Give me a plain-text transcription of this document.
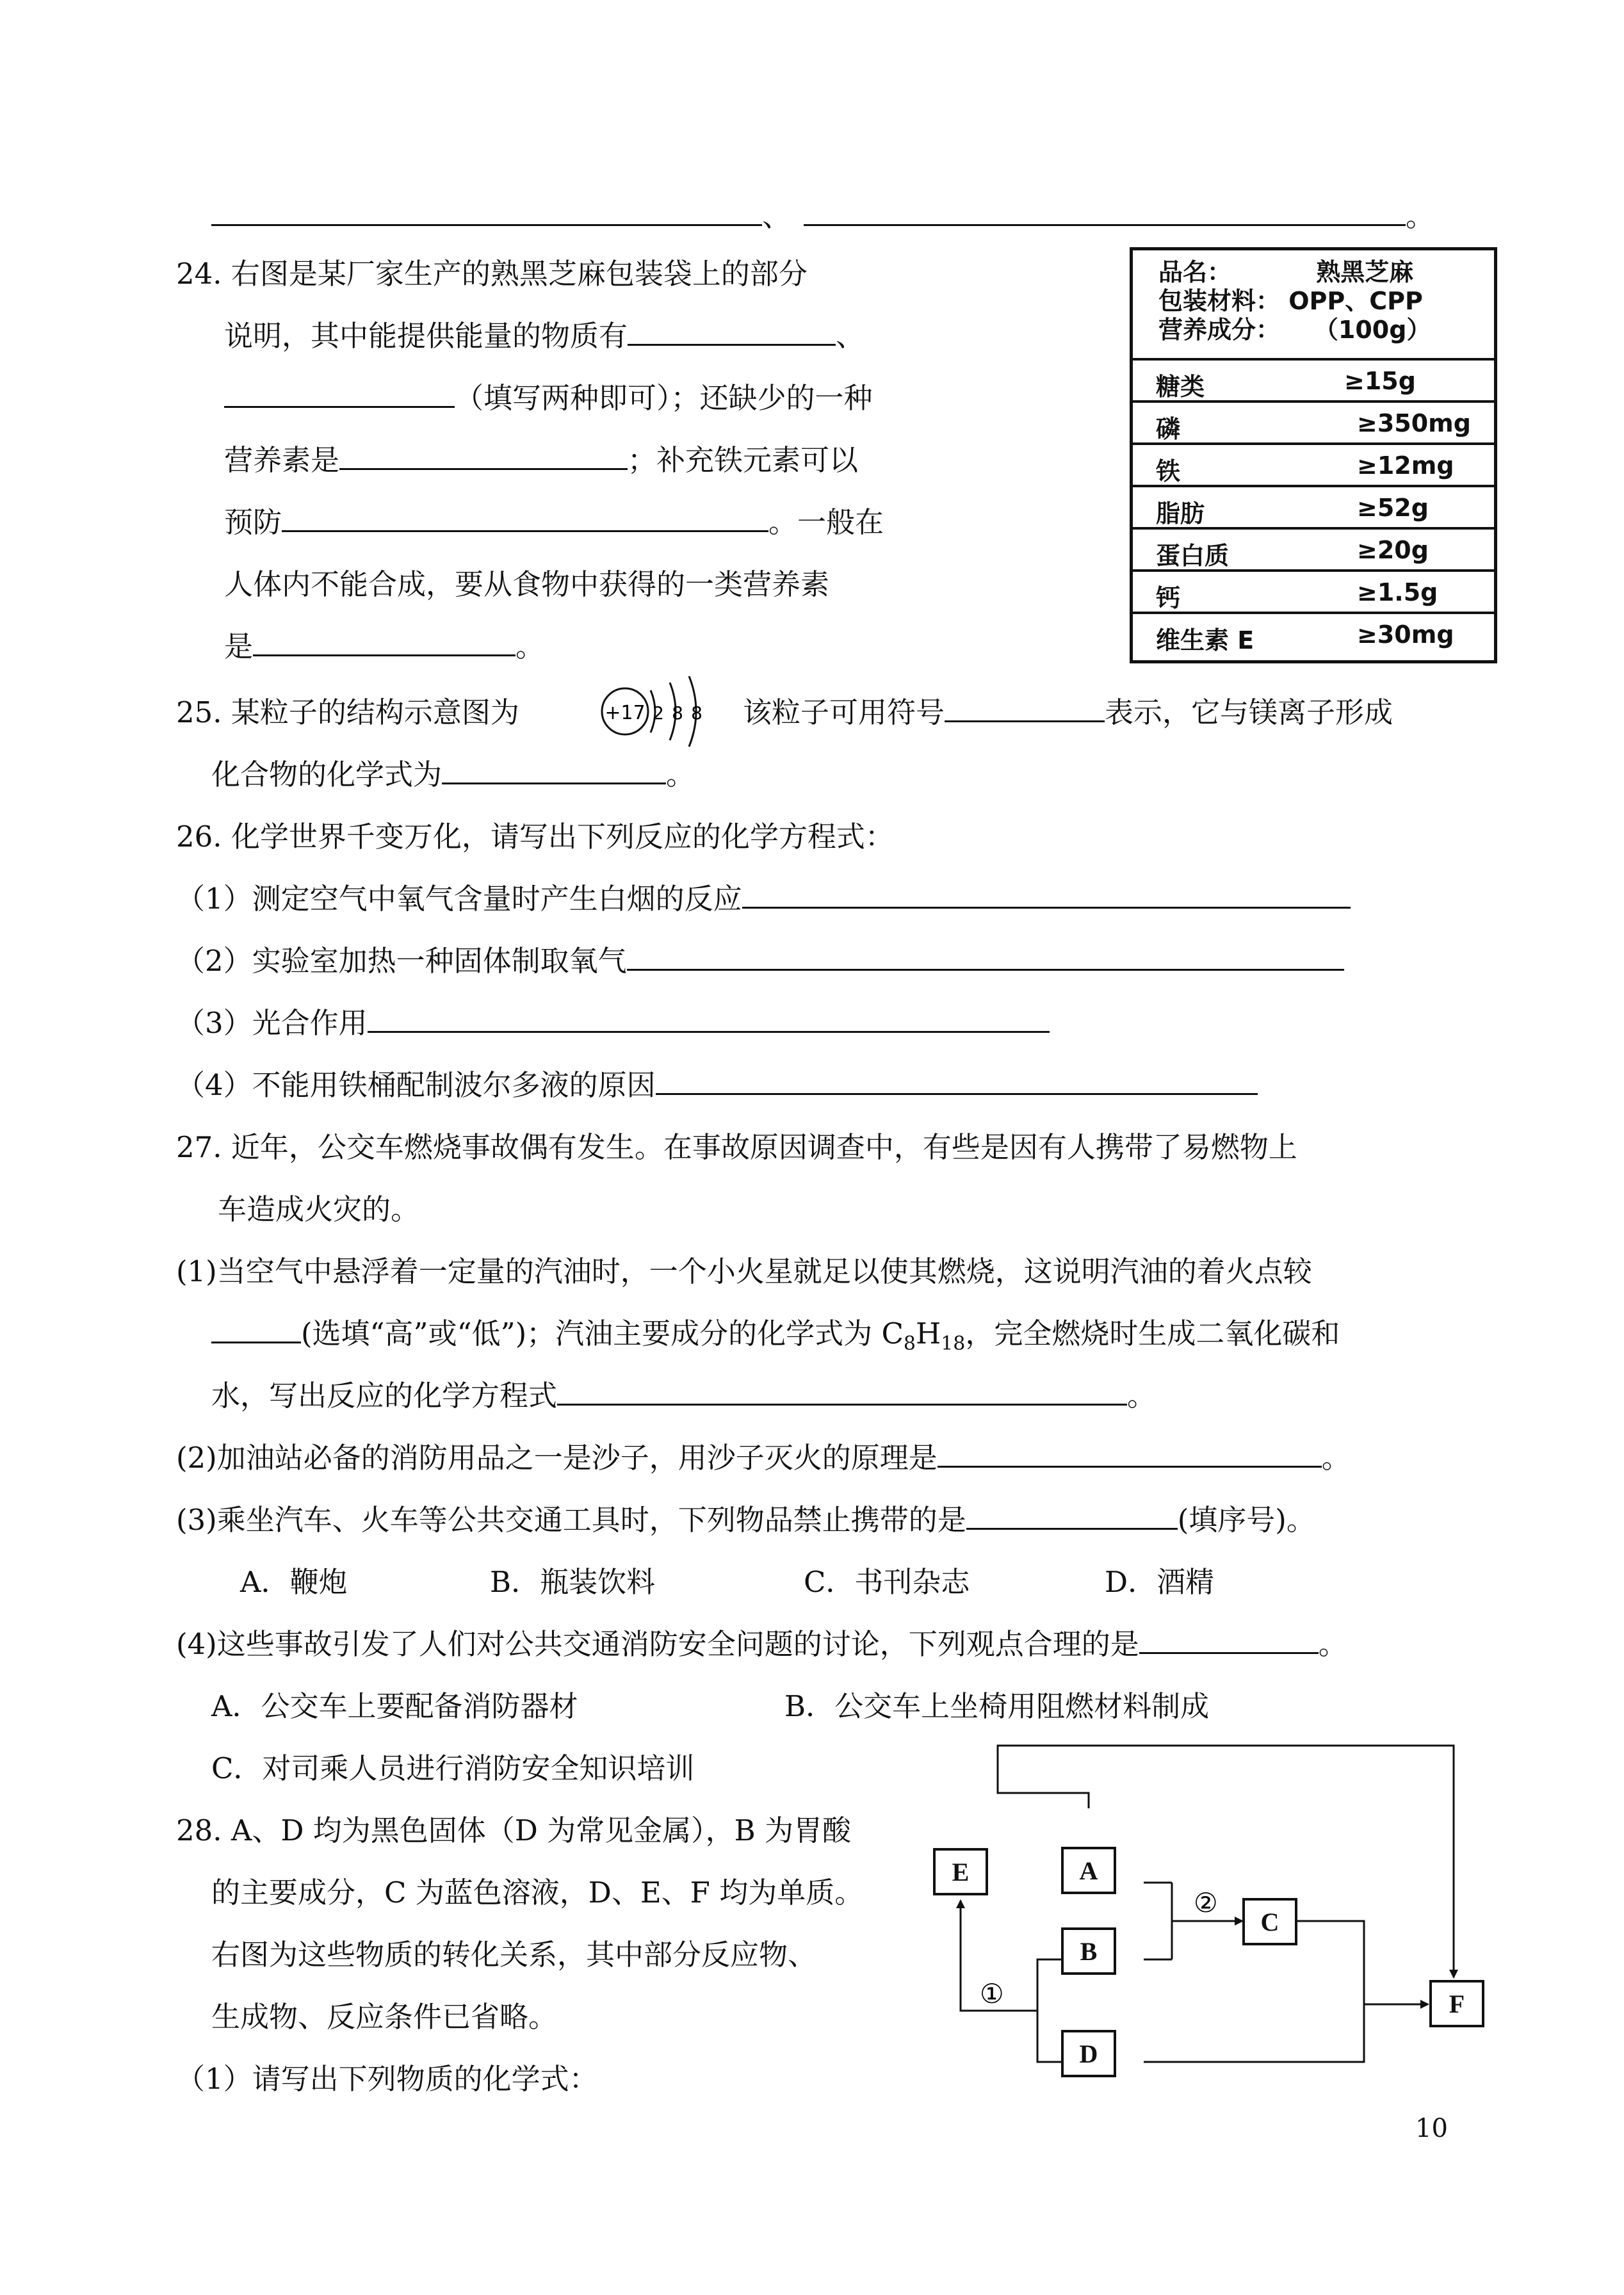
、	。
24. 右图是某厂家生产的熟黑芝麻包装袋上的部分
说明，其中能提供能量的物质有	、
（填写两种即可）；还缺少的一种
营养素是	；补充铁元素可以
预防	。一般在
人体内不能合成，要从食物中获得的一类营养素
是	。
品名：          熟黑芝麻
包装材料： OPP、CPP
营养成分：    （100g）
糖类	≥15g
磷	≥350mg
铁	≥12mg
脂肪	≥52g
蛋白质	≥20g
钙	≥1.5g
维生素 E	≥30mg
25. 某粒子的结构示意图为	+17 2 8 8 该粒子可用符号	表示，它与镁离子形成
化合物的化学式为	。
26. 化学世界千变万化，请写出下列反应的化学方程式：
（1）测定空气中氧气含量时产生白烟的反应
（2）实验室加热一种固体制取氧气
（3）光合作用
（4）不能用铁桶配制波尔多液的原因
27. 近年，公交车燃烧事故偶有发生。在事故原因调查中，有些是因有人携带了易燃物上
车造成火灾的。
(1)当空气中悬浮着一定量的汽油时，一个小火星就足以使其燃烧，这说明汽油的着火点较
(选填“高”或“低”)；汽油主要成分的化学式为 $C_8H_{18}$，完全燃烧时生成二氧化碳和
水，写出反应的化学方程式	。
(2)加油站必备的消防用品之一是沙子，用沙子灭火的原理是	。
(3)乘坐汽车、火车等公共交通工具时，下列物品禁止携带的是	(填序号)。
A．鞭炮	B．瓶装饮料	C．书刊杂志	D．酒精
(4)这些事故引发了人们对公共交通消防安全问题的讨论，下列观点合理的是	。
A．公交车上要配备消防器材	B．公交车上坐椅用阻燃材料制成
C．对司乘人员进行消防安全知识培训
28. A、D 均为黑色固体（D 为常见金属），B 为胃酸
的主要成分，C 为蓝色溶液，D、E、F 均为单质。
右图为这些物质的转化关系，其中部分反应物、
生成物、反应条件已省略。
（1）请写出下列物质的化学式：
①
②
E	A
B
C
D
F
10
